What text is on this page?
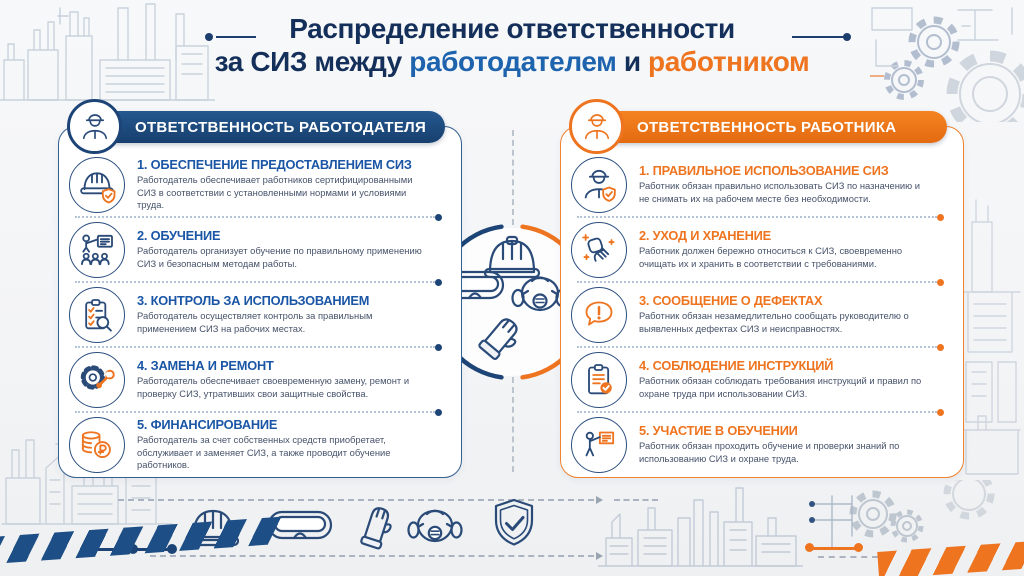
Распределение ответственности
за СИЗ между работодателем и работником
ОТВЕТСТВЕННОСТЬ РАБОТОДАТЕЛЯ
1. ОБЕСПЕЧЕНИЕ ПРЕДОСТАВЛЕНИЕМ СИЗ
Работодатель обеспечивает работников сертифицированными СИЗ в соответствии с установленными нормами и условиями труда.
2. ОБУЧЕНИЕ
Работодатель организует обучение по правильному применению СИЗ и безопасным методам работы.
3. КОНТРОЛЬ ЗА ИСПОЛЬЗОВАНИЕМ
Работодатель осуществляет контроль за правильным применением СИЗ на рабочих местах.
4. ЗАМЕНА И РЕМОНТ
Работодатель обеспечивает своевременную замену, ремонт и проверку СИЗ, утративших свои защитные свойства.
5. ФИНАНСИРОВАНИЕ
Работодатель за счет собственных средств приобретает, обслуживает и заменяет СИЗ, а также проводит обучение работников.
ОТВЕТСТВЕННОСТЬ РАБОТНИКА
1. ПРАВИЛЬНОЕ ИСПОЛЬЗОВАНИЕ СИЗ
Работник обязан правильно использовать СИЗ по назначению и не снимать их на рабочем месте без необходимости.
2. УХОД И ХРАНЕНИЕ
Работник должен бережно относиться к СИЗ, своевременно очищать их и хранить в соответствии с требованиями.
3. СООБЩЕНИЕ О ДЕФЕКТАХ
Работник обязан незамедлительно сообщать руководителю о выявленных дефектах СИЗ и неисправностях.
4. СОБЛЮДЕНИЕ ИНСТРУКЦИЙ
Работник обязан соблюдать требования инструкций и правил по охране труда при использовании СИЗ.
5. УЧАСТИЕ В ОБУЧЕНИИ
Работник обязан проходить обучение и проверки знаний по использованию СИЗ и охране труда.
